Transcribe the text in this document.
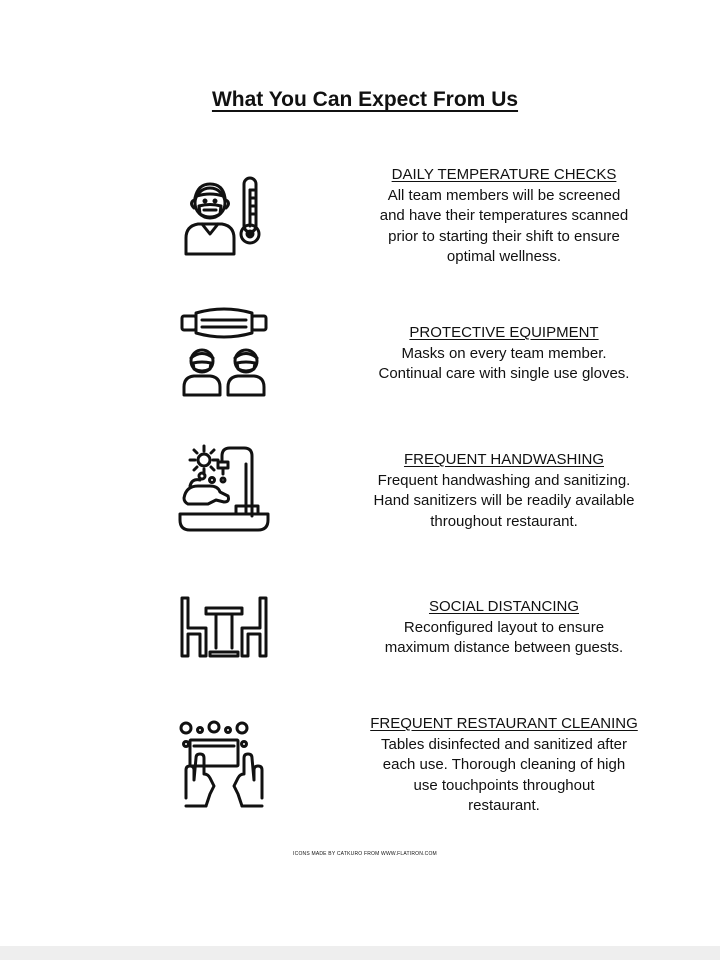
What You Can Expect From Us
DAILY TEMPERATURE CHECKS
All team members will be screened
and have their temperatures scanned
prior to starting their shift to ensure
optimal wellness.
PROTECTIVE EQUIPMENT
Masks on every team member.
Continual care with single use gloves.
FREQUENT HANDWASHING
Frequent handwashing and sanitizing.
Hand sanitizers will be readily available
throughout restaurant.
SOCIAL DISTANCING
Reconfigured layout to ensure
maximum distance between guests.
FREQUENT RESTAURANT CLEANING
Tables disinfected and sanitized after
each use. Thorough cleaning of high
use touchpoints throughout
restaurant.
ICONS MADE BY CATKURO FROM WWW.FLATIRON.COM
